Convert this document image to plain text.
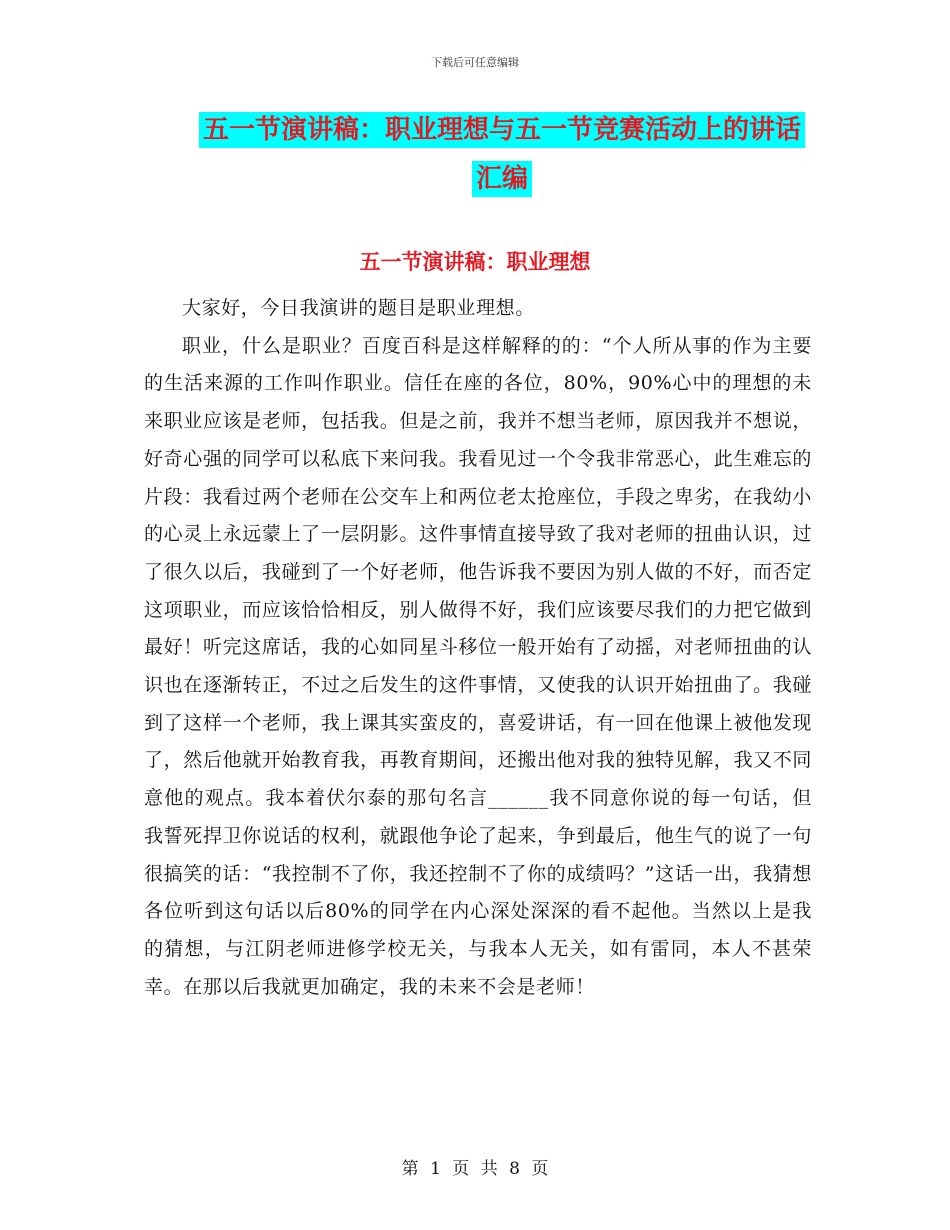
下载后可任意编辑
五一节演讲稿：职业理想与五一节竞赛活动上的讲话
汇编
五一节演讲稿：职业理想

大家好，今日我演讲的题目是职业理想。

职业，什么是职业？百度百科是这样解释的的：“个人所从事的作为主要的生活来源的工作叫作职业。信任在座的各位，80%，90%心中的理想的未来职业应该是老师，包括我。但是之前，我并不想当老师，原因我并不想说，好奇心强的同学可以私底下来问我。我看见过一个令我非常恶心，此生难忘的片段：我看过两个老师在公交车上和两位老太抢座位，手段之卑劣，在我幼小的心灵上永远蒙上了一层阴影。这件事情直接导致了我对老师的扭曲认识，过了很久以后，我碰到了一个好老师，他告诉我不要因为别人做的不好，而否定这项职业，而应该恰恰相反，别人做得不好，我们应该要尽我们的力把它做到最好！听完这席话，我的心如同星斗移位一般开始有了动摇，对老师扭曲的认识也在逐渐转正，不过之后发生的这件事情，又使我的认识开始扭曲了。我碰到了这样一个老师，我上课其实蛮皮的，喜爱讲话，有一回在他课上被他发现了，然后他就开始教育我，再教育期间，还搬出他对我的独特见解，我又不同意他的观点。我本着伏尔泰的那句名言______我不同意你说的每一句话，但我誓死捍卫你说话的权利，就跟他争论了起来，争到最后，他生气的说了一句很搞笑的话：“我控制不了你，我还控制不了你的成绩吗？”这话一出，我猜想各位听到这句话以后80%的同学在内心深处深深的看不起他。当然以上是我的猜想，与江阴老师进修学校无关，与我本人无关，如有雷同，本人不甚荣幸。在那以后我就更加确定，我的未来不会是老师！

第 1 页 共 8 页
